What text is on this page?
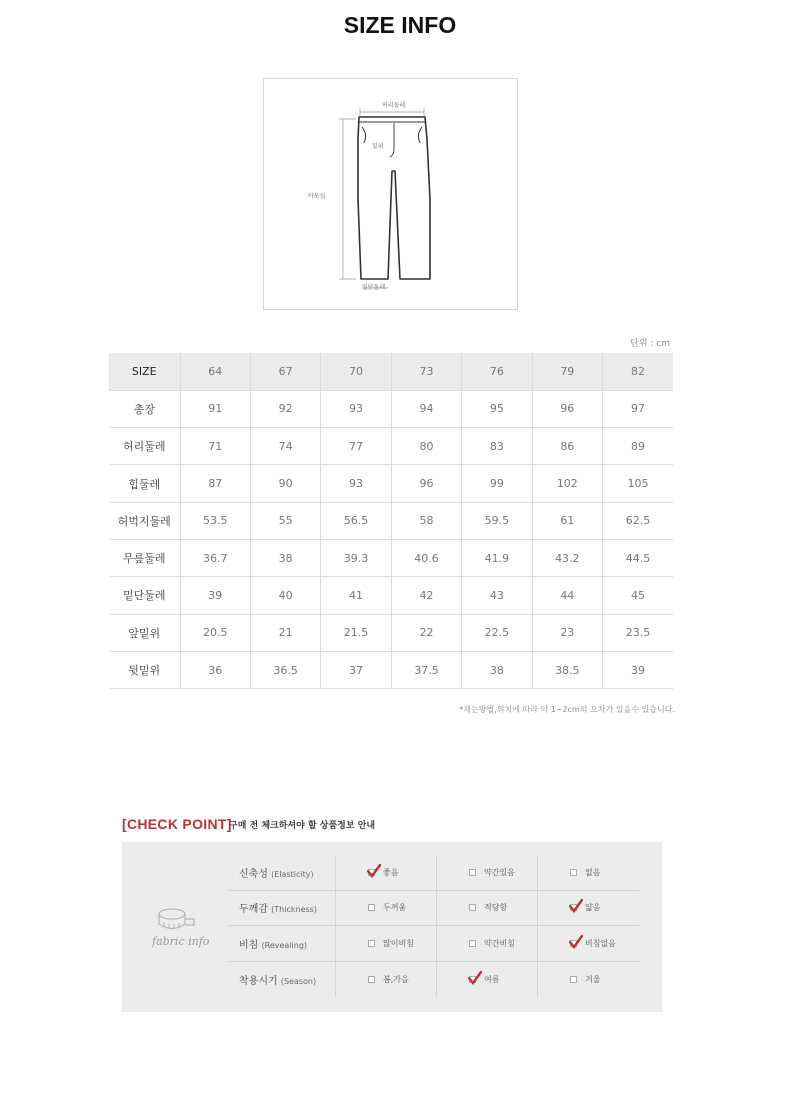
SIZE INFO
허리둘레
밑위
아웃심
밑단둘레
단위 : cm
SIZE	64	67	70	73	76	79	82
총장	91	92	93	94	95	96	97
허리둘레	71	74	77	80	83	86	89
힙둘레	87	90	93	96	99	102	105
허벅지둘레	53.5	55	56.5	58	59.5	61	62.5
무릎둘레	36.7	38	39.3	40.6	41.9	43.2	44.5
밑단둘레	39	40	41	42	43	44	45
앞밑위	20.5	21	21.5	22	22.5	23	23.5
뒷밑위	36	36.5	37	37.5	38	38.5	39
*재는방법,위치에 따라 약 1~2cm의 오차가 있을수 있습니다.
[CHECK POINT]
구매 전 체크하셔야 할 상품정보 안내
fabric info
신축성 (Elasticity)	좋음	약간있음	없음
두께감 (Thickness)	두꺼움	적당함	얇음
비침 (Revealing)	많이비침	약간비침	비침없음
착용시기 (Season)	봄,가을	여름	겨울
